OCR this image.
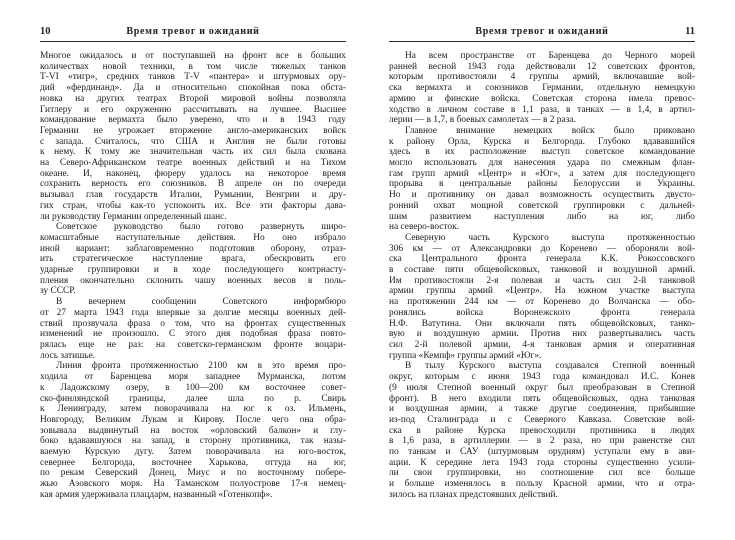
10	Время тревог и ожиданий
Многое ожидалось и от поступавшей на фронт все в больших
количествах новой техники, в том числе тяжелых танков
Т-VI «тигр», средних танков Т-V «пантера» и штурмовых ору-
дий «фердинанд». Да и относительно спокойная пока обста-
новка на других театрах Второй мировой войны позволяла
Гитлеру и его окружению рассчитывать на лучшее. Высшее
командование вермахта было уверено, что и в 1943 году
Германии не угрожает вторжение англо-американских войск
с запада. Считалось, что США и Англия не были готовы
к нему. К тому же значительная часть их сил была скована
на Северо-Африканском театре военных действий и на Тихом
океане. И, наконец, фюреру удалось на некоторое время
сохранить верность его союзников. В апреле он по очереди
вызывал глав государств Италии, Румынии, Венгрии и дру-
гих стран, чтобы как-то успокоить их. Все эти факторы дава-
ли руководству Германии определенный шанс.
Советское руководство было готово развернуть широ-
комасштабные наступательные действия. Но оно избрало
иной вариант: заблаговременно подготовив оборону, отраз-
ить стратегическое наступление врага, обескровить его
ударные группировки и в ходе последующего контрнасту-
пления окончательно склонить чашу военных весов в поль-
зу СССР.
В вечернем сообщении Советского информбюро
от 27 марта 1943 года впервые за долгие месяцы военных дей-
ствий прозвучала фраза о том, что на фронтах существенных
изменений не произошло. С этого дня подобная фраза повто-
рялась еще не раз: на советско-германском фронте воцари-
лось затишье.
Линия фронта протяженностью 2100 км в это время про-
ходила от Баренцева моря западнее Мурманска, потом
к Ладожскому озеру, в 100—200 км восточнее совет-
ско-финляндской границы, далее шла по р. Свирь
к Ленинграду, затем поворачивала на юг к оз. Ильмень,
Новгороду, Великим Лукам и Кирову. После чего она обра-
зовывала выдвинутый на восток «орловский балкон» и глу-
боко вдававшуюся на запад, в сторону противника, так назы-
ваемую Курскую дугу. Затем поворачивала на юго-восток,
севернее Белгорода, восточнее Харькова, оттуда на юг,
по рекам Северский Донец, Миус и по восточному побере-
жью Азовского моря. На Таманском полуострове 17-я немец-
кая армия удерживала плацдарм, названный «Готенкопф».
Время тревог и ожиданий	11
На всем пространстве от Баренцева до Черного морей
ранней весной 1943 года действовали 12 советских фронтов,
которым противостояли 4 группы армий, включавшие вой-
ска вермахта и союзников Германии, отдельную немецкую
армию и финские войска. Советская сторона имела превос-
ходство в личном составе в 1,1 раза, в танках — в 1,4, в артил-
лерии — в 1,7, в боевых самолетах — в 2 раза.
Главное внимание немецких войск было приковано
к району Орла, Курска и Белгорода. Глубоко вдававшийся
здесь в их расположение выступ советское командование
могло использовать для нанесения удара по смежным флан-
гам групп армий «Центр» и «Юг», а затем для последующего
прорыва в центральные районы Белоруссии и Украины.
Но и противнику он давал возможность осуществить двусто-
ронний охват мощной советской группировки с дальней-
шим развитием наступления либо на юг, либо
на северо-восток.
Северную часть Курского выступа протяженностью
306 км — от Александровки до Коренево — обороняли вой-
ска Центрального фронта генерала К.К. Рокоссовского
в составе пяти общевойсковых, танковой и воздушной армий.
Им противостояли 2-я полевая и часть сил 2-й танковой
армии группы армий «Центр». На южном участке выступа
на протяжении 244 км — от Коренево до Волчанска — обо-
ронялись войска Воронежского фронта генерала
Н.Ф. Ватутина. Они включали пять общевойсковых, танко-
вую и воздушную армии. Против них развертывались часть
сил 2-й полевой армии, 4-я танковая армия и оперативная
группа «Кемпф» группы армий «Юг».
В тылу Курского выступа создавался Степной военный
округ, которым с июня 1943 года командовал И.С. Конев
(9 июля Степной военный округ был преобразован в Степной
фронт). В него входили пять общевойсковых, одна танковая
и воздушная армии, а также другие соединения, прибывшие
из-под Сталинграда и с Северного Кавказа. Советские вой-
ска в районе Курска превосходили противника в людях
в 1,6 раза, в артиллерии — в 2 раза, но при равенстве сил
по танкам и САУ (штурмовым орудиям) уступали ему в ави-
ации. К середине лета 1943 года стороны существенно усили-
ли свои группировки, но соотношение сил все больше
и больше изменялось в пользу Красной армии, что и отра-
зилось на планах предстоявших действий.
